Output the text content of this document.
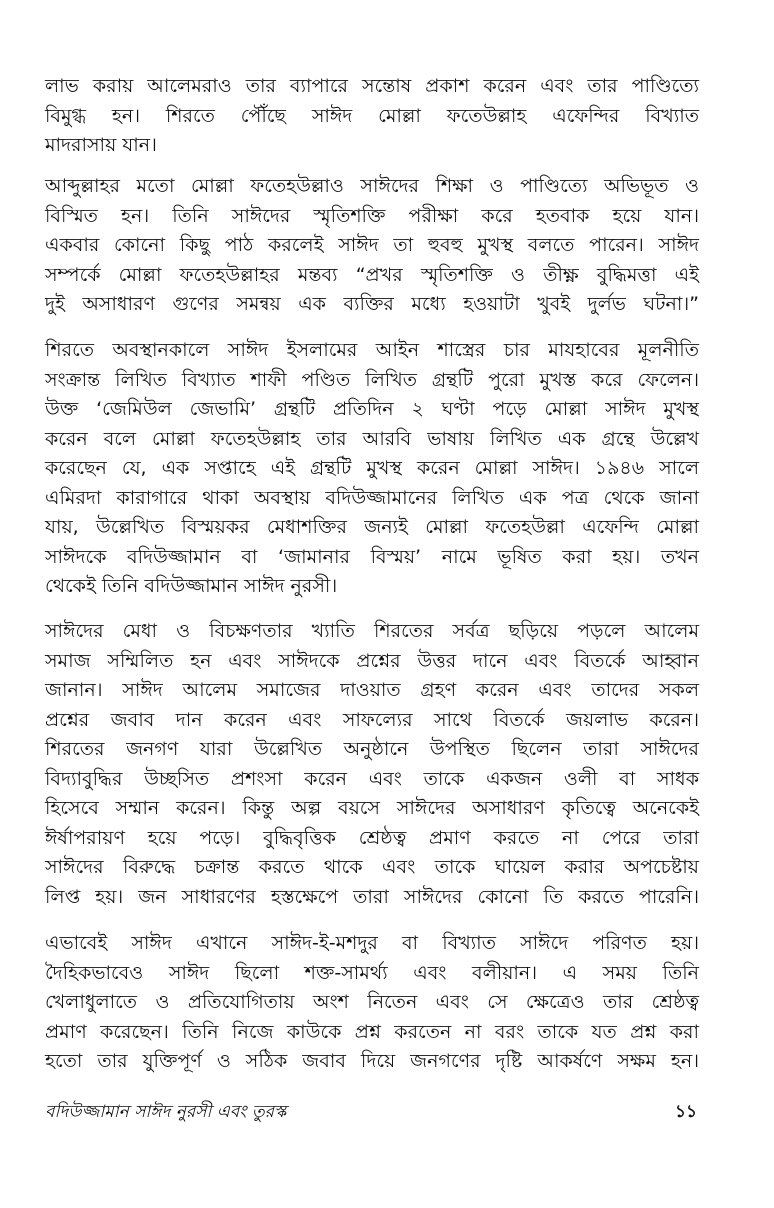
লাভ করায় আলেমরাও তার ব্যাপারে সন্তোষ প্রকাশ করেন এবং তার পাণ্ডিত্যে
বিমুগ্ধ হন। শিরতে পৌঁছে সাঈদ মোল্লা ফতেউল্লাহ এফেন্দির বিখ্যাত
মাদরাসায় যান।
আব্দুল্লাহর মতো মোল্লা ফতেহউল্লাও সাঈদের শিক্ষা ও পাণ্ডিত্যে অভিভূত ও
বিস্মিত হন। তিনি সাঈদের স্মৃতিশক্তি পরীক্ষা করে হতবাক হয়ে যান।
একবার কোনো কিছু পাঠ করলেই সাঈদ তা হুবহু মুখস্থ বলতে পারেন। সাঈদ
সম্পর্কে মোল্লা ফতেহউল্লাহর মন্তব্য “প্রখর স্মৃতিশক্তি ও তীক্ষ্ণ বুদ্ধিমত্তা এই
দুই অসাধারণ গুণের সমন্বয় এক ব্যক্তির মধ্যে হওয়াটা খুবই দুর্লভ ঘটনা।”
শিরতে অবস্থানকালে সাঈদ ইসলামের আইন শাস্ত্রের চার মাযহাবের মূলনীতি
সংক্রান্ত লিখিত বিখ্যাত শাফী পণ্ডিত লিখিত গ্রন্থটি পুরো মুখস্ত করে ফেলেন।
উক্ত ‘জেমিউল জেভামি’ গ্রন্থটি প্রতিদিন ২ ঘণ্টা পড়ে মোল্লা সাঈদ মুখস্থ
করেন বলে মোল্লা ফতেহউল্লাহ তার আরবি ভাষায় লিখিত এক গ্রন্থে উল্লেখ
করেছেন যে, এক সপ্তাহে এই গ্রন্থটি মুখস্থ করেন মোল্লা সাঈদ। ১৯৪৬ সালে
এমিরদা কারাগারে থাকা অবস্থায় বদিউজ্জামানের লিখিত এক পত্র থেকে জানা
যায়, উল্লেখিত বিস্ময়কর মেধাশক্তির জন্যই মোল্লা ফতেহউল্লা এফেন্দি মোল্লা
সাঈদকে বদিউজ্জামান বা ‘জামানার বিস্ময়’ নামে ভূষিত করা হয়। তখন
থেকেই তিনি বদিউজ্জামান সাঈদ নুরসী।
সাঈদের মেধা ও বিচক্ষণতার খ্যাতি শিরতের সর্বত্র ছড়িয়ে পড়লে আলেম
সমাজ সম্মিলিত হন এবং সাঈদকে প্রশ্নের উত্তর দানে এবং বিতর্কে আহ্বান
জানান। সাঈদ আলেম সমাজের দাওয়াত গ্রহণ করেন এবং তাদের সকল
প্রশ্নের জবাব দান করেন এবং সাফল্যের সাথে বিতর্কে জয়লাভ করেন।
শিরতের জনগণ যারা উল্লেখিত অনুষ্ঠানে উপস্থিত ছিলেন তারা সাঈদের
বিদ্যাবুদ্ধির উচ্ছসিত প্রশংসা করেন এবং তাকে একজন ওলী বা সাধক
হিসেবে সম্মান করেন। কিন্তু অল্প বয়সে সাঈদের অসাধারণ কৃতিত্বে অনেকেই
ঈর্ষাপরায়ণ হয়ে পড়ে। বুদ্ধিবৃত্তিক শ্রেষ্ঠত্ব প্রমাণ করতে না পেরে তারা
সাঈদের বিরুদ্ধে চক্রান্ত করতে থাকে এবং তাকে ঘায়েল করার অপচেষ্টায়
লিপ্ত হয়। জন সাধারণের হস্তক্ষেপে তারা সাঈদের কোনো তি করতে পারেনি।
এভাবেই সাঈদ এখানে সাঈদ-ই-মশদুর বা বিখ্যাত সাঈদে পরিণত হয়।
দৈহিকভাবেও সাঈদ ছিলো শক্ত-সামর্থ্য এবং বলীয়ান। এ সময় তিনি
খেলাধুলাতে ও প্রতিযোগিতায় অংশ নিতেন এবং সে ক্ষেত্রেও তার শ্রেষ্ঠত্ব
প্রমাণ করেছেন। তিনি নিজে কাউকে প্রশ্ন করতেন না বরং তাকে যত প্রশ্ন করা
হতো তার যুক্তিপূর্ণ ও সঠিক জবাব দিয়ে জনগণের দৃষ্টি আকর্ষণে সক্ষম হন।
বদিউজ্জামান সাঈদ নুরসী এবং তুরস্ক	১১
